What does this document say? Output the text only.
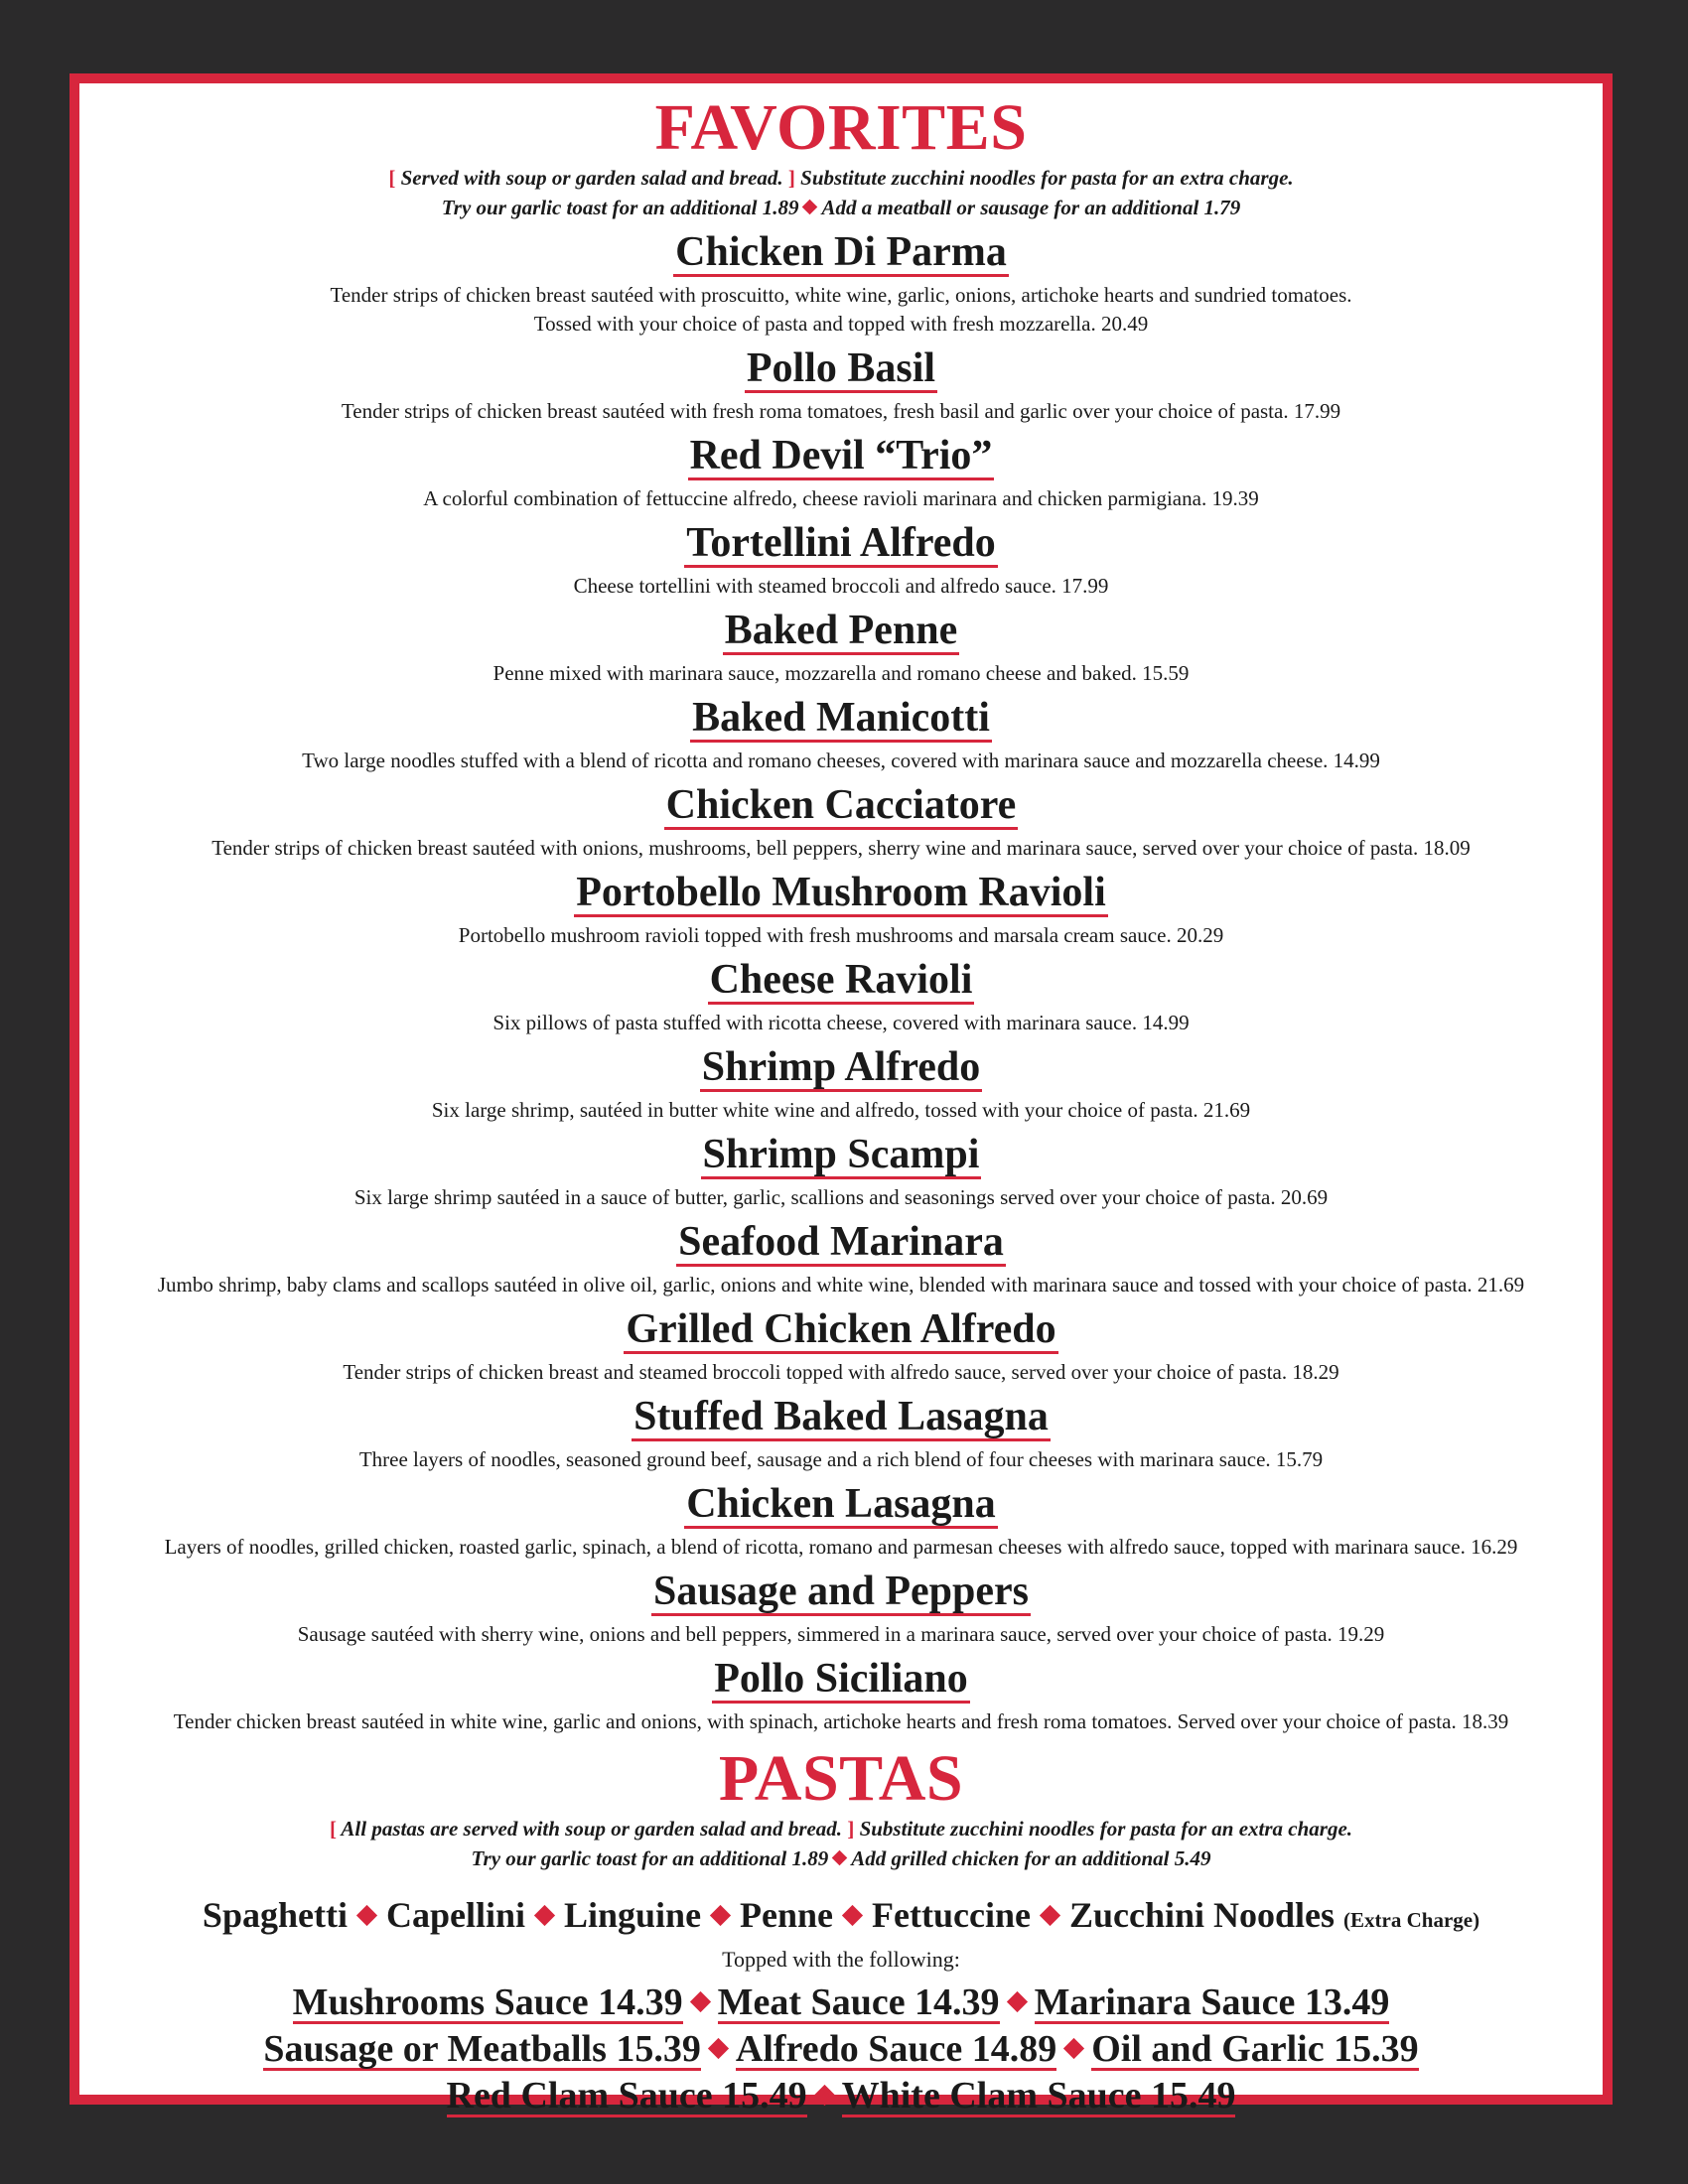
FAVORITES

[ Served with soup or garden salad and bread. ] Substitute zucchini noodles for pasta for an extra charge.

Try our garlic toast for an additional 1.89 Add a meatball or sausage for an additional 1.79

Chicken Di Parma

Tender strips of chicken breast sautéed with proscuitto, white wine, garlic, onions, artichoke hearts and sundried tomatoes.

Tossed with your choice of pasta and topped with fresh mozzarella. 20.49

Pollo Basil

Tender strips of chicken breast sautéed with fresh roma tomatoes, fresh basil and garlic over your choice of pasta. 17.99

Red Devil “Trio”

A colorful combination of fettuccine alfredo, cheese ravioli marinara and chicken parmigiana. 19.39

Tortellini Alfredo

Cheese tortellini with steamed broccoli and alfredo sauce. 17.99

Baked Penne

Penne mixed with marinara sauce, mozzarella and romano cheese and baked. 15.59

Baked Manicotti

Two large noodles stuffed with a blend of ricotta and romano cheeses, covered with marinara sauce and mozzarella cheese. 14.99

Chicken Cacciatore

Tender strips of chicken breast sautéed with onions, mushrooms, bell peppers, sherry wine and marinara sauce, served over your choice of pasta. 18.09

Portobello Mushroom Ravioli

Portobello mushroom ravioli topped with fresh mushrooms and marsala cream sauce. 20.29

Cheese Ravioli

Six pillows of pasta stuffed with ricotta cheese, covered with marinara sauce. 14.99

Shrimp Alfredo

Six large shrimp, sautéed in butter white wine and alfredo, tossed with your choice of pasta. 21.69

Shrimp Scampi

Six large shrimp sautéed in a sauce of butter, garlic, scallions and seasonings served over your choice of pasta. 20.69

Seafood Marinara

Jumbo shrimp, baby clams and scallops sautéed in olive oil, garlic, onions and white wine, blended with marinara sauce and tossed with your choice of pasta. 21.69

Grilled Chicken Alfredo

Tender strips of chicken breast and steamed broccoli topped with alfredo sauce, served over your choice of pasta. 18.29

Stuffed Baked Lasagna

Three layers of noodles, seasoned ground beef, sausage and a rich blend of four cheeses with marinara sauce. 15.79

Chicken Lasagna

Layers of noodles, grilled chicken, roasted garlic, spinach, a blend of ricotta, romano and parmesan cheeses with alfredo sauce, topped with marinara sauce. 16.29

Sausage and Peppers

Sausage sautéed with sherry wine, onions and bell peppers, simmered in a marinara sauce, served over your choice of pasta. 19.29

Pollo Siciliano

Tender chicken breast sautéed in white wine, garlic and onions, with spinach, artichoke hearts and fresh roma tomatoes. Served over your choice of pasta. 18.39

PASTAS

[ All pastas are served with soup or garden salad and bread. ] Substitute zucchini noodles for pasta for an extra charge.

Try our garlic toast for an additional 1.89 Add grilled chicken for an additional 5.49

Spaghetti Capellini Linguine Penne Fettuccine Zucchini Noodles (Extra Charge)

Topped with the following:

Mushrooms Sauce 14.39 Meat Sauce 14.39 Marinara Sauce 13.49

Sausage or Meatballs 15.39 Alfredo Sauce 14.89 Oil and Garlic 15.39

Red Clam Sauce 15.49 White Clam Sauce 15.49
